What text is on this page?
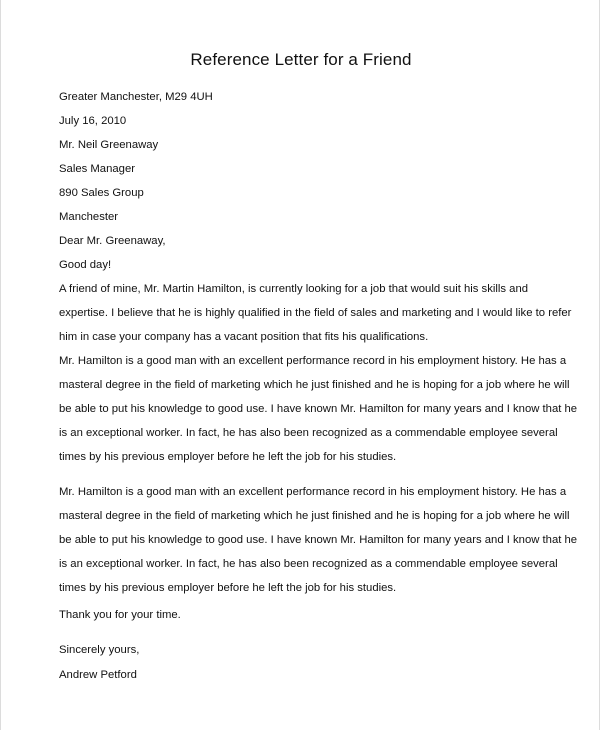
Reference Letter for a Friend
Greater Manchester, M29 4UH
July 16, 2010
Mr. Neil Greenaway
Sales Manager
890 Sales Group
Manchester
Dear Mr. Greenaway,
Good day!
A friend of mine, Mr. Martin Hamilton, is currently looking for a job that would suit his skills and
expertise. I believe that he is highly qualified in the field of sales and marketing and I would like to refer
him in case your company has a vacant position that fits his qualifications.
Mr. Hamilton is a good man with an excellent performance record in his employment history. He has a
masteral degree in the field of marketing which he just finished and he is hoping for a job where he will
be able to put his knowledge to good use. I have known Mr. Hamilton for many years and I know that he
is an exceptional worker. In fact, he has also been recognized as a commendable employee several
times by his previous employer before he left the job for his studies.
Mr. Hamilton is a good man with an excellent performance record in his employment history. He has a
masteral degree in the field of marketing which he just finished and he is hoping for a job where he will
be able to put his knowledge to good use. I have known Mr. Hamilton for many years and I know that he
is an exceptional worker. In fact, he has also been recognized as a commendable employee several
times by his previous employer before he left the job for his studies.
Thank you for your time.
Sincerely yours,
Andrew Petford
